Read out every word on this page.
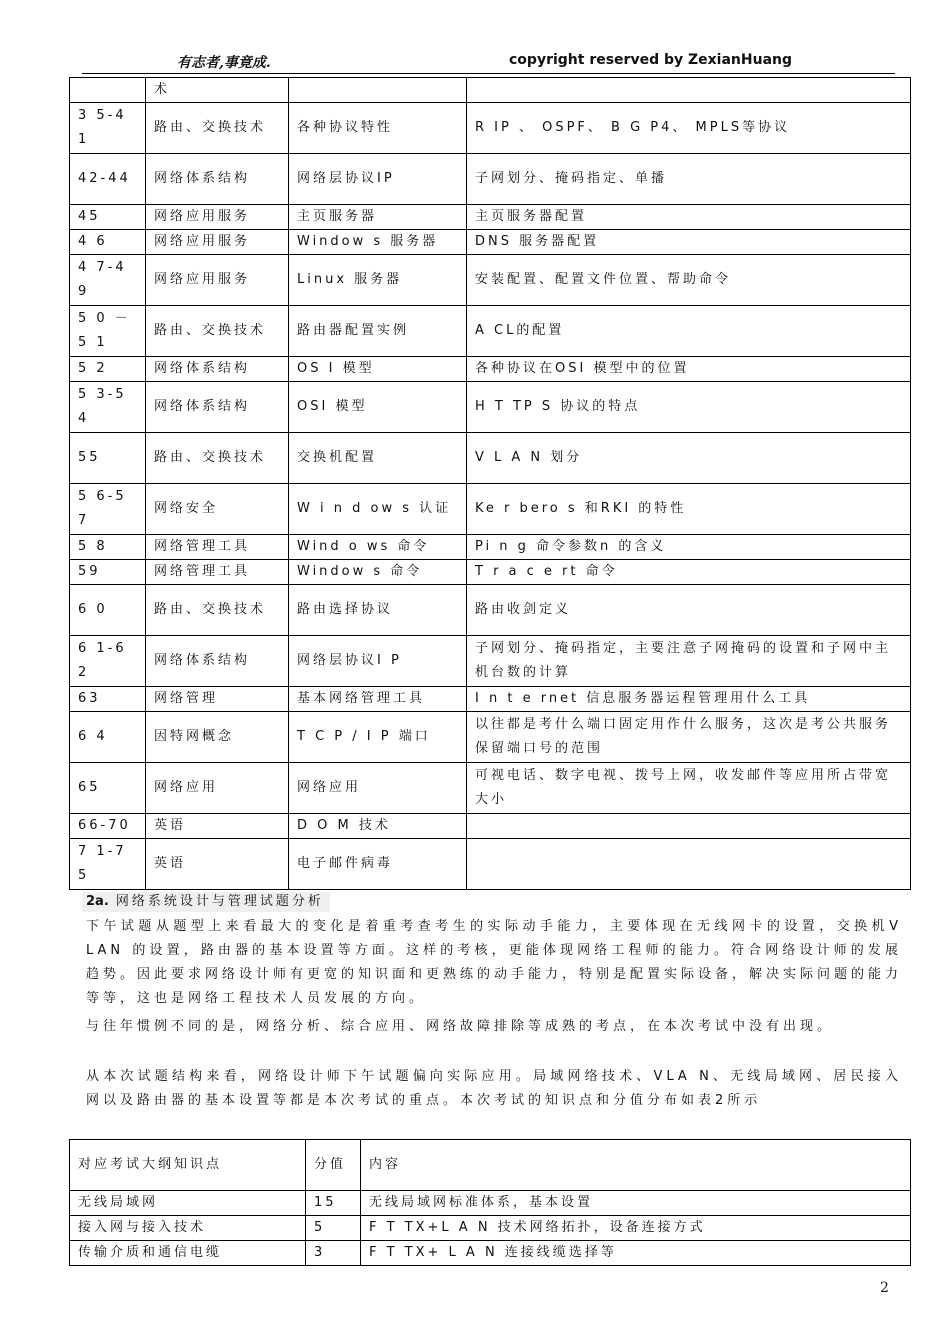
有志者,事竟成.	copyright reserved by ZexianHuang
	术		
3 5-41	路由、交换技术	各种协议特性	R IP 、 OSPF、 B G P4、 MPLS等协议
42-44	网络体系结构	网络层协议IP	子网划分、掩码指定、单播
45	网络应用服务	主页服务器	主页服务器配置
4 6	网络应用服务	Window s 服务器	DNS 服务器配置
4 7-49	网络应用服务	Linux 服务器	安装配置、配置文件位置、帮助命令
5 0 －5 1	路由、交换技术	路由器配置实例	A CL的配置
5 2	网络体系结构	OS I 模型	各种协议在OSI 模型中的位置
5 3-5 4	网络体系结构	OSI 模型	H T TP S 协议的特点
55	路由、交换技术	交换机配置	V L A N 划分
5 6-57	网络安全	W i n d ow s 认证	Ke r bero s 和RKI 的特性
5 8	网络管理工具	Wind o ws 命令	Pi n g 命令参数n 的含义
59	网络管理工具	Window s 命令	T r a c e rt 命令
6 0	路由、交换技术	路由选择协议	路由收剑定义
6 1-62	网络体系结构	网络层协议I P	子网划分、掩码指定，主要注意子网掩码的设置和子网中主机台数的计算
63	网络管理	基本网络管理工具	I n t e rnet 信息服务器运程管理用什么工具
6 4	因特网概念	T C P / I P 端口	以往都是考什么端口固定用作什么服务，这次是考公共服务保留端口号的范围
65	网络应用	网络应用	可视电话、数字电视、拨号上网，收发邮件等应用所占带宽大小
66-70	英语	D O M 技术	
7 1-7 5	英语	电子邮件病毒	
2a. 网络系统设计与管理试题分析
下午试题从题型上来看最大的变化是着重考查考生的实际动手能力，主要体现在无线网卡的设置，交换机V LAN 的设置，路由器的基本设置等方面。这样的考核，更能体现网络工程师的能力。符合网络设计师的发展趋势。因此要求网络设计师有更宽的知识面和更熟练的动手能力，特别是配置实际设备，解决实际问题的能力等等，这也是网络工程技术人员发展的方向。
与往年惯例不同的是，网络分析、综合应用、网络故障排除等成熟的考点，在本次考试中没有出现。
从本次试题结构来看，网络设计师下午试题偏向实际应用。局域网络技术、VLA N、无线局域网、居民接入网以及路由器的基本设置等都是本次考试的重点。本次考试的知识点和分值分布如表2所示
对应考试大纲知识点	分值	内容
无线局域网	15	无线局域网标准体系，基本设置
接入网与接入技术	5	F T TX+L A N 技术网络拓扑，设备连接方式
传输介质和通信电缆	3	F T TX+ L A N 连接线缆选择等
2
